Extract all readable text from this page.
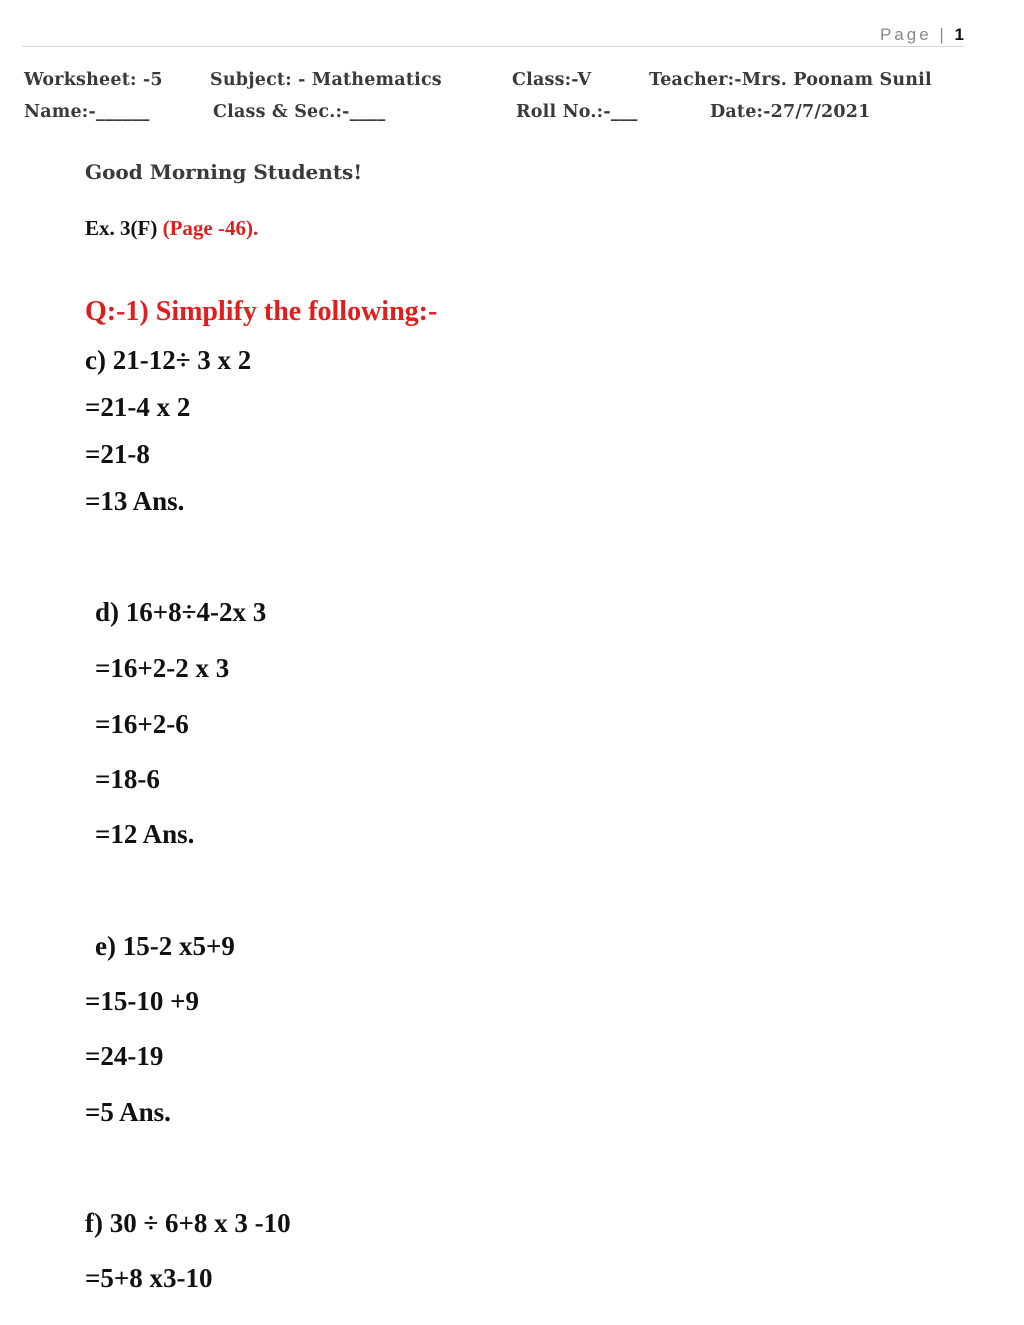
Page | 1
Worksheet: -5	Subject: - Mathematics	Class:-V	Teacher:-Mrs. Poonam Sunil
Name:-______	Class & Sec.:-____	Roll No.:-___	Date:-27/7/2021
Good Morning Students!
Ex. 3(F) (Page -46).
Q:-1) Simplify the following:-
c) 21-12÷ 3 x 2
=21-4 x 2
=21-8
=13 Ans.
d) 16+8÷4-2x 3
=16+2-2 x 3
=16+2-6
=18-6
=12 Ans.
e) 15-2 x5+9
=15-10 +9
=24-19
=5 Ans.
f) 30 ÷ 6+8 x 3 -10
=5+8 x3-10
